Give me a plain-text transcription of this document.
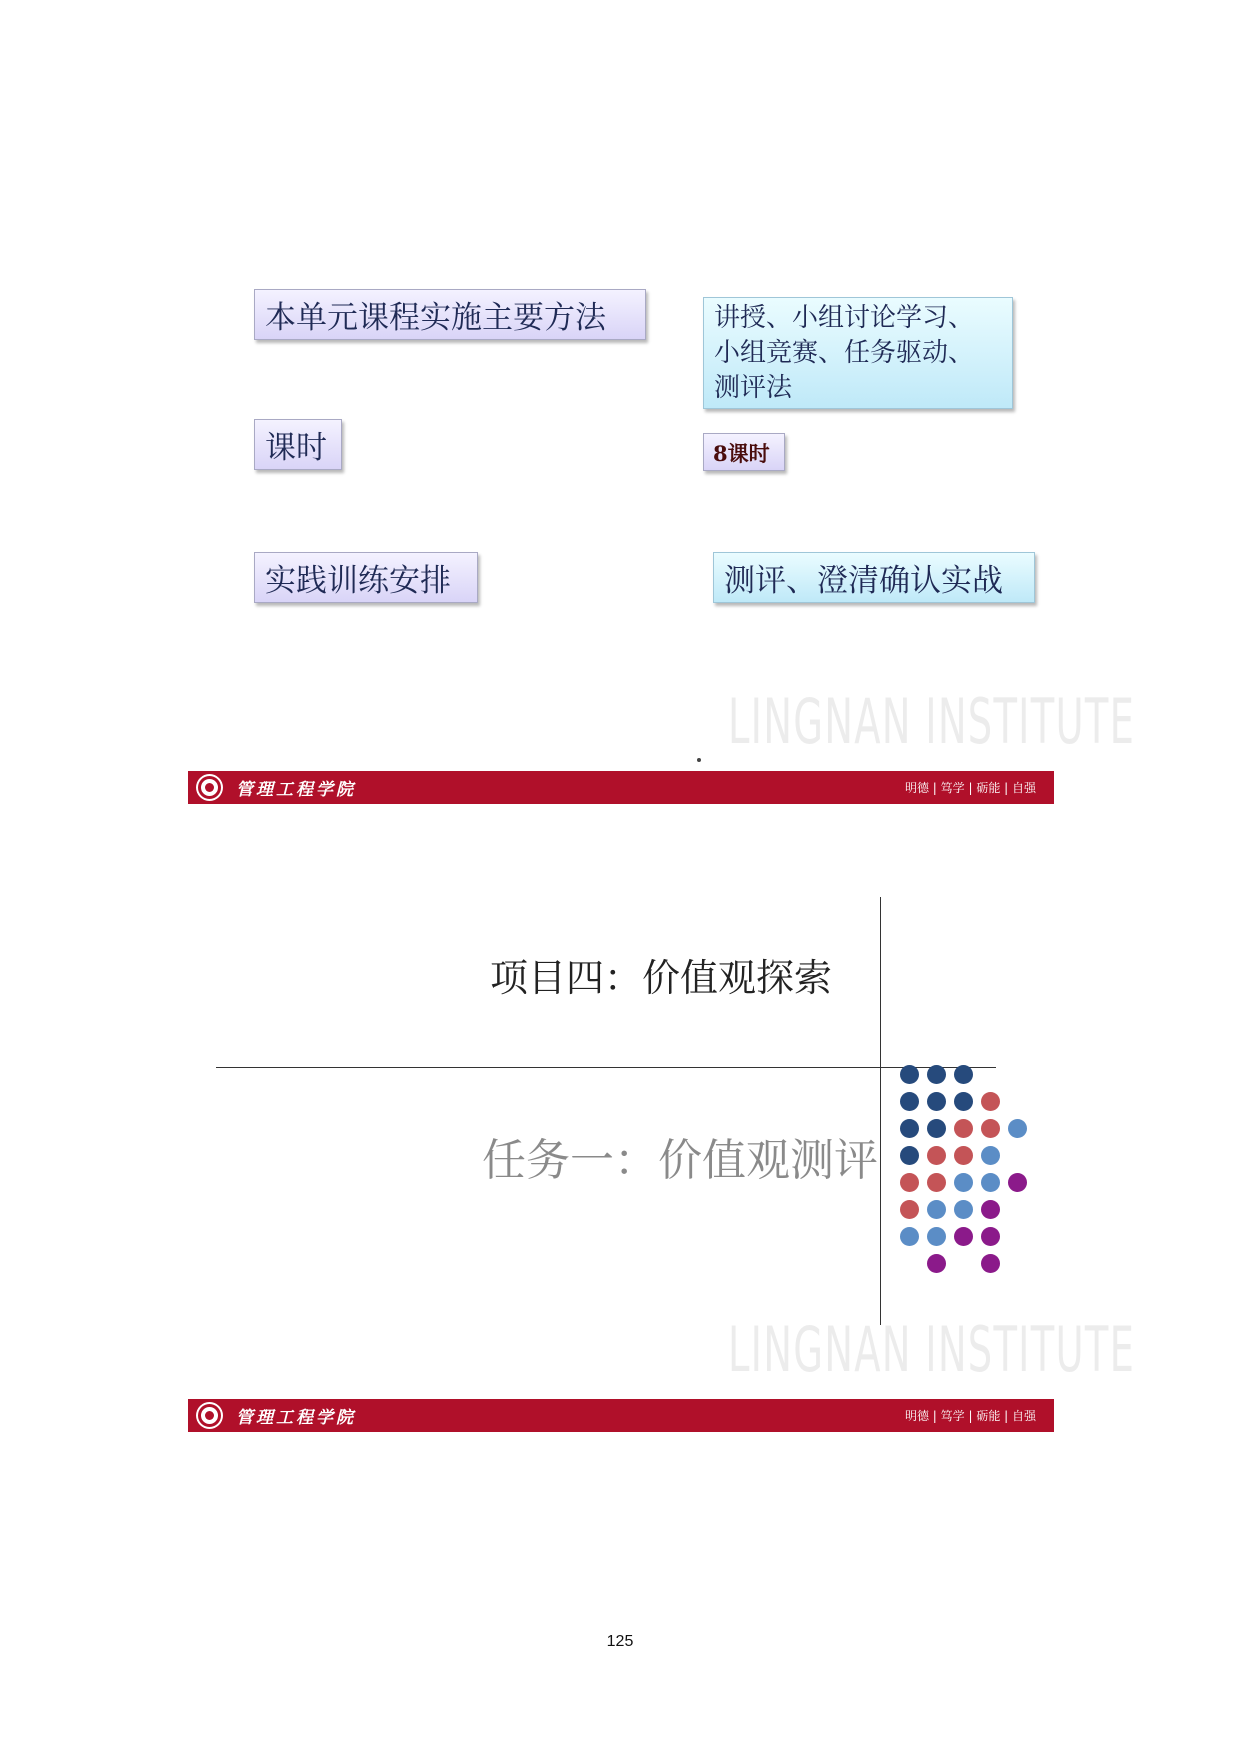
本单元课程实施主要方法	讲授、小组讨论学习、
小组竞赛、任务驱动、
测评法
课时	8课时
实践训练安排	测评、澄清确认实战
LINGNAN INSTITUTE
管理工程学院	明德 | 笃学 | 砺能 | 自强
项目四：价值观探索
任务一：价值观测评
LINGNAN INSTITUTE
管理工程学院	明德 | 笃学 | 砺能 | 自强
125
